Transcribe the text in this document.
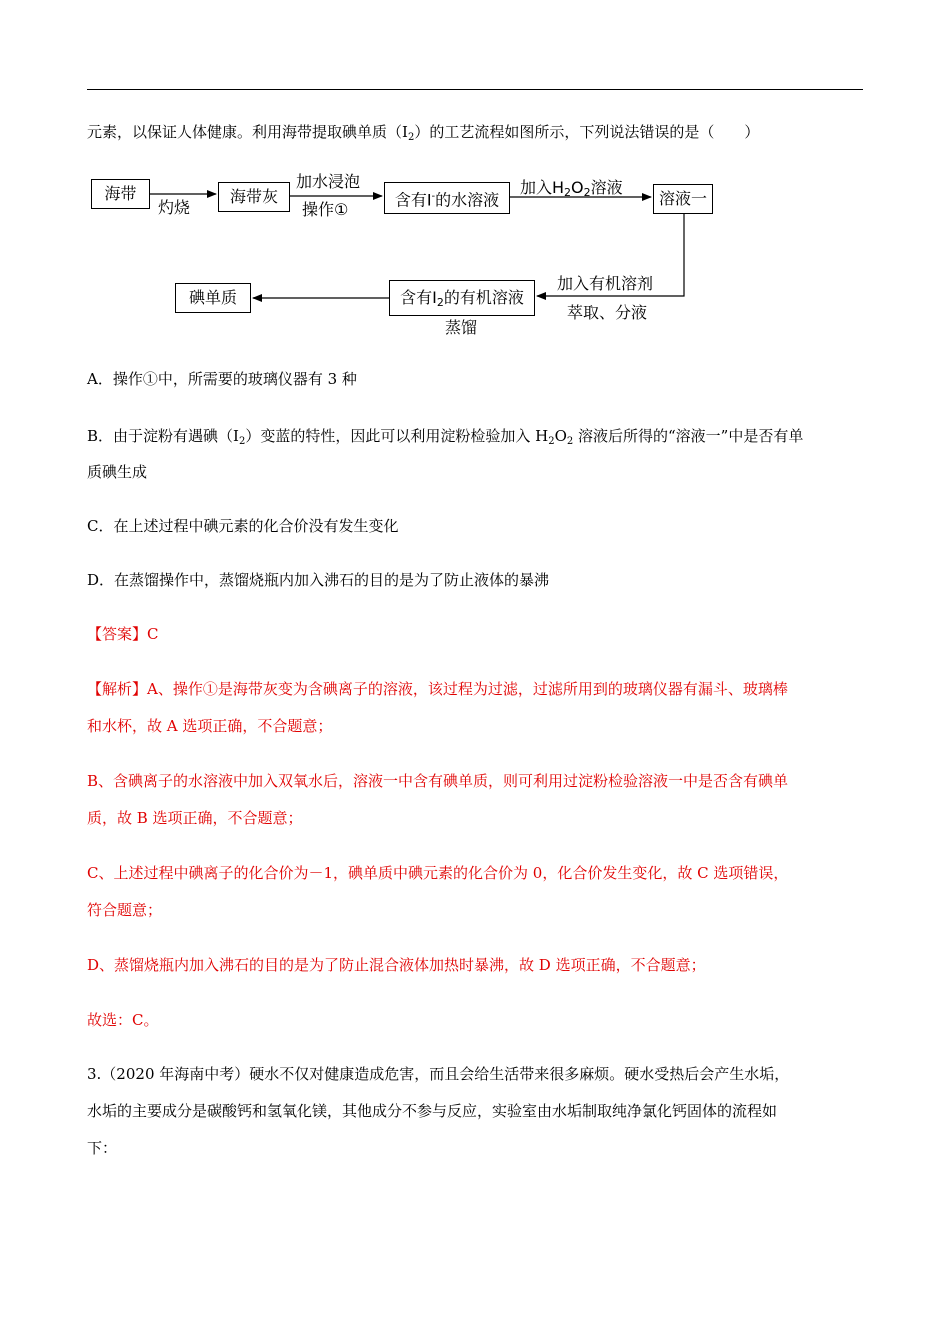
元素，以保证人体健康。利用海带提取碘单质$(I_2)$的工艺流程如图所示，下列说法错误的是（　　）
海带	海带灰	含有I-的水溶液	溶液一
含有$I_2$的有机溶液
碘单质
灼烧
加水浸泡
操作①
加入$H_2O_2$溶液
加入有机溶剂
萃取、分液
蒸馏
A．操作①中，所需要的玻璃仪器有 3 种
B．由于淀粉有遇碘$(I_2)$变蓝的特性，因此可以利用淀粉检验加入 $H_2O_2$ 溶液后所得的“溶液一”中是否有单
质碘生成
C．在上述过程中碘元素的化合价没有发生变化
D．在蒸馏操作中，蒸馏烧瓶内加入沸石的目的是为了防止液体的暴沸
【答案】C
【解析】A、操作①是海带灰变为含碘离子的溶液，该过程为过滤，过滤所用到的玻璃仪器有漏斗、玻璃棒
和水杯，故 A 选项正确，不合题意；
B、含碘离子的水溶液中加入双氧水后，溶液一中含有碘单质，则可利用过淀粉检验溶液一中是否含有碘单
质，故 B 选项正确，不合题意；
C、上述过程中碘离子的化合价为－1，碘单质中碘元素的化合价为 0，化合价发生变化，故 C 选项错误，
符合题意；
D、蒸馏烧瓶内加入沸石的目的是为了防止混合液体加热时暴沸，故 D 选项正确，不合题意；
故选：C。
3.（2020 年海南中考）硬水不仅对健康造成危害，而且会给生活带来很多麻烦。硬水受热后会产生水垢，
水垢的主要成分是碳酸钙和氢氧化镁，其他成分不参与反应，实验室由水垢制取纯净氯化钙固体的流程如
下：
